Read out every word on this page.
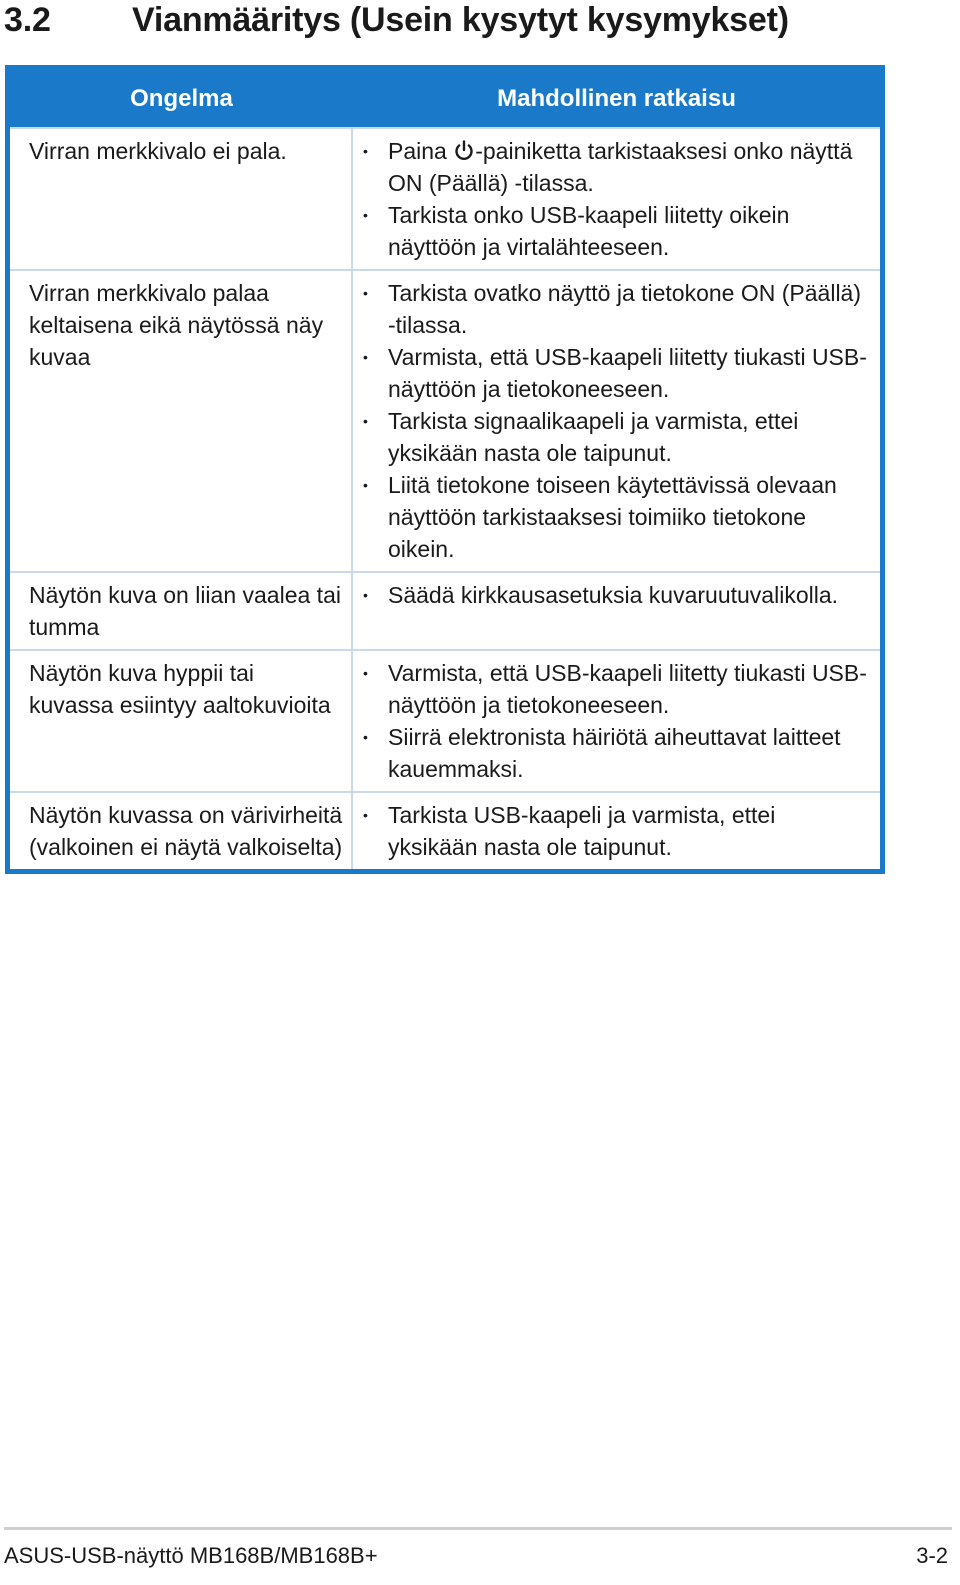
3.2	Vianmääritys (Usein kysytyt kysymykset)
Ongelma	Mahdollinen ratkaisu
Virran merkkivalo ei pala.
•	Paina -painiketta tarkistaaksesi onko näyttä ON (Päällä) -tilassa.
• Tarkista onko USB-kaapeli liitetty oikein näyttöön ja virtalähteeseen.
Virran merkkivalo palaa keltaisena eikä näytössä näy kuvaa
• Tarkista ovatko näyttö ja tietokone ON (Päällä) -tilassa.
• Varmista, että USB-kaapeli liitetty tiukasti USB-näyttöön ja tietokoneeseen.
• Tarkista signaalikaapeli ja varmista, ettei yksikään nasta ole taipunut.
• Liitä tietokone toiseen käytettävissä olevaan näyttöön tarkistaaksesi toimiiko tietokone oikein.
Näytön kuva on liian vaalea tai tumma
• Säädä kirkkausasetuksia kuvaruutuvalikolla.
Näytön kuva hyppii tai kuvassa esiintyy aaltokuvioita
• Varmista, että USB-kaapeli liitetty tiukasti USB-näyttöön ja tietokoneeseen.
• Siirrä elektronista häiriötä aiheuttavat laitteet kauemmaksi.
Näytön kuvassa on värivirheitä (valkoinen ei näytä valkoiselta)
• Tarkista USB-kaapeli ja varmista, ettei yksikään nasta ole taipunut.
ASUS-USB-näyttö MB168B/MB168B+	3-2
